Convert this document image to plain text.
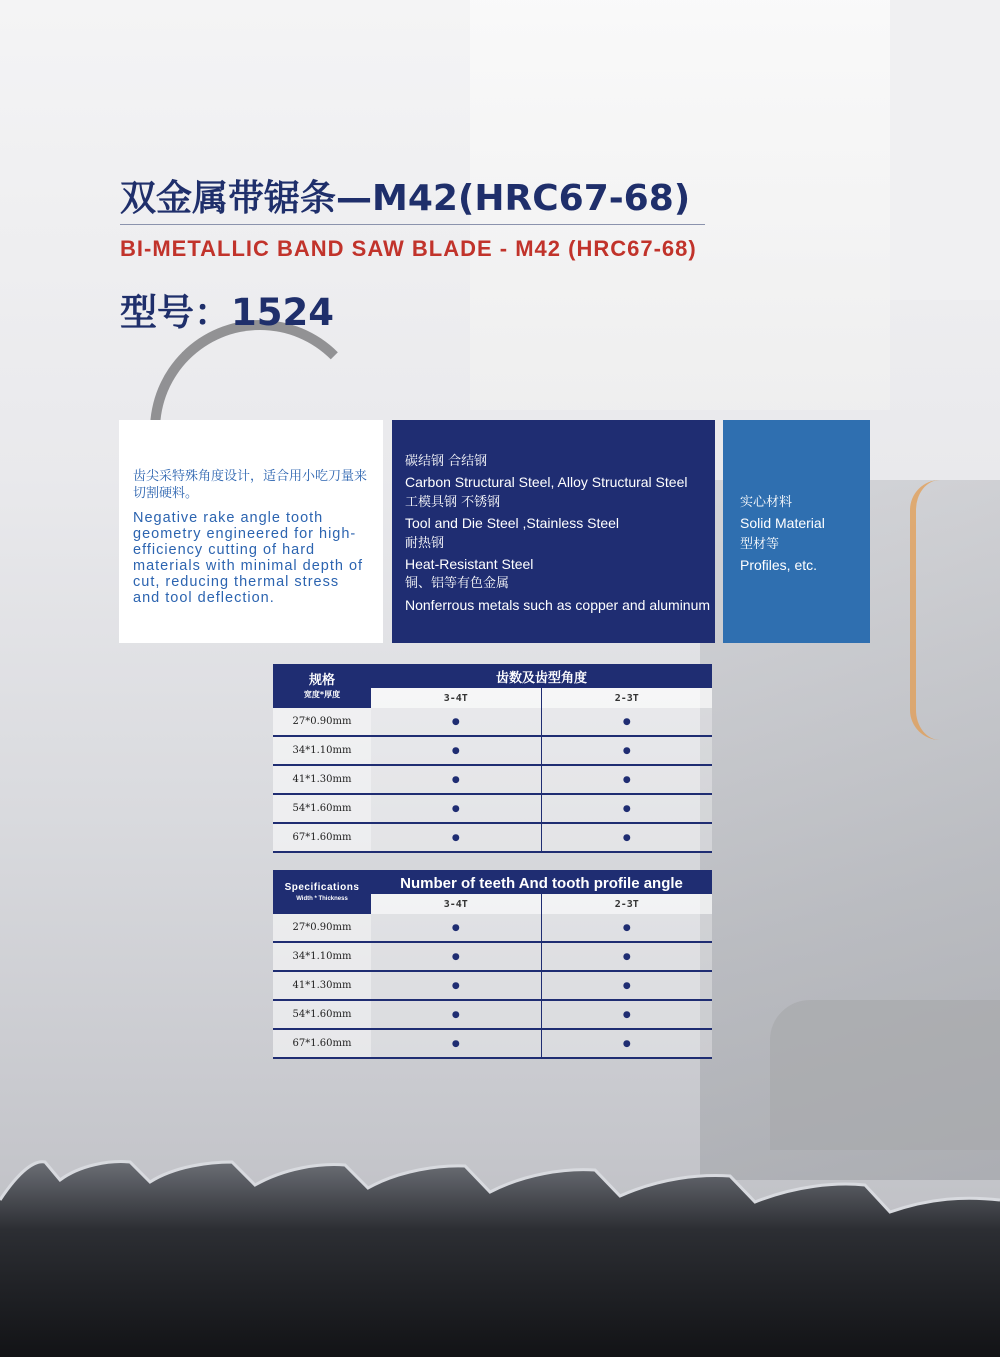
双金属带锯条—M42(HRC67-68)
BI-METALLIC BAND SAW BLADE - M42 (HRC67-68)
型号：1524

齿尖采特殊角度设计，适合用小吃刀量来切割硬料。

Negative rake angle tooth geometry engineered for high-efficiency cutting of hard materials with minimal depth of cut, reducing thermal stress and tool deflection.

碳结钢 合结钢
Carbon Structural Steel, Alloy Structural Steel
工模具钢 不锈钢
Tool and Die Steel ,Stainless Steel
耐热钢
Heat-Resistant Steel
铜、铝等有色金属
Nonferrous metals such as copper and aluminum
实心材料
Solid Material
型材等
Profiles, etc.
规格
宽度*厚度	齿数及齿型角度	
	3-4T	2-3T
27*0.90mm	●	●
34*1.10mm	●	●
41*1.30mm	●	●
54*1.60mm	●	●
67*1.60mm	●	●
Specifications
Width * Thickness	Number of teeth And tooth profile angle	
	3-4T	2-3T
27*0.90mm	●	●
34*1.10mm	●	●
41*1.30mm	●	●
54*1.60mm	●	●
67*1.60mm	●	●
